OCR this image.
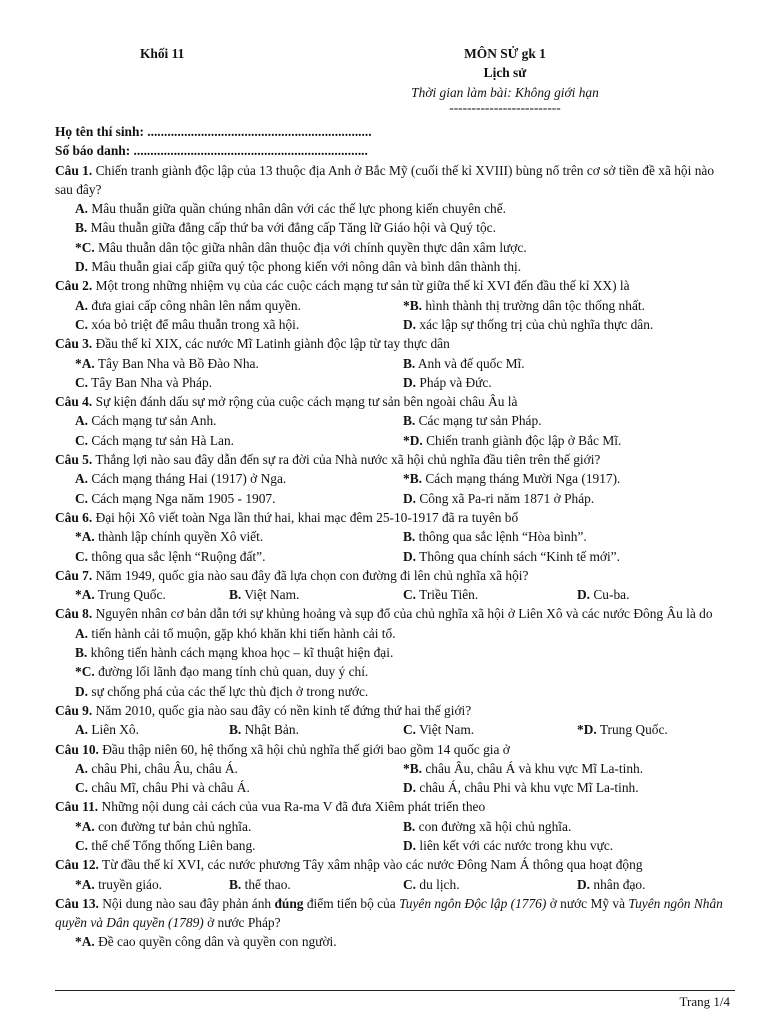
Khối 11	MÔN SỬ gk 1
Lịch sử
Thời gian làm bài: Không giới hạn
-------------------------
Họ tên thí sinh: ...................................................................
Số báo danh: ......................................................................
Câu 1. Chiến tranh giành độc lập của 13 thuộc địa Anh ở Bắc Mỹ (cuối thế kỉ XVIII) bùng nổ trên cơ sở tiền đề xã hội nào sau đây?
A. Mâu thuẫn giữa quần chúng nhân dân với các thế lực phong kiến chuyên chế.
B. Mâu thuẫn giữa đẳng cấp thứ ba với đẳng cấp Tăng lữ Giáo hội và Quý tộc.
*C. Mâu thuẫn dân tộc giữa nhân dân thuộc địa với chính quyền thực dân xâm lược.
D. Mâu thuẫn giai cấp giữa quý tộc phong kiến với nông dân và bình dân thành thị.
Câu 2. Một trong những nhiệm vụ của các cuộc cách mạng tư sản từ giữa thế kỉ XVI đến đầu thế kỉ XX) là
A. đưa giai cấp công nhân lên nắm quyền.	*B. hình thành thị trường dân tộc thống nhất.
C. xóa bỏ triệt để mâu thuẫn trong xã hội.	D. xác lập sự thống trị của chủ nghĩa thực dân.
Câu 3. Đầu thế kỉ XIX, các nước Mĩ Latinh giành độc lập từ tay thực dân
*A. Tây Ban Nha và Bồ Đào Nha.	B. Anh và đế quốc Mĩ.
C. Tây Ban Nha và Pháp.	D. Pháp và Đức.
Câu 4. Sự kiện đánh dấu sự mở rộng của cuộc cách mạng tư sản bên ngoài châu Âu là
A. Cách mạng tư sản Anh.	B. Các mạng tư sản Pháp.
C. Cách mạng tư sản Hà Lan.	*D. Chiến tranh giành độc lập ở Bắc Mĩ.
Câu 5. Thắng lợi nào sau đây dẫn đến sự ra đời của Nhà nước xã hội chủ nghĩa đầu tiên trên thế giới?
A. Cách mạng tháng Hai (1917) ở Nga.	*B. Cách mạng tháng Mười Nga (1917).
C. Cách mạng Nga năm 1905 - 1907.	D. Công xã Pa-ri năm 1871 ở Pháp.
Câu 6. Đại hội Xô viết toàn Nga lần thứ hai, khai mạc đêm 25-10-1917 đã ra tuyên bố
*A. thành lập chính quyền Xô viết.	B. thông qua sắc lệnh “Hòa bình”.
C. thông qua sắc lệnh “Ruộng đất”.	D. Thông qua chính sách “Kinh tế mới”.
Câu 7. Năm 1949, quốc gia nào sau đây đã lựa chọn con đường đi lên chủ nghĩa xã hội?
*A. Trung Quốc.	B. Việt Nam.	C. Triều Tiên.	D. Cu-ba.
Câu 8. Nguyên nhân cơ bản dẫn tới sự khủng hoảng và sụp đổ của chủ nghĩa xã hội ở Liên Xô và các nước Đông Âu là do
A. tiến hành cải tổ muộn, gặp khó khăn khi tiến hành cải tổ.
B. không tiến hành cách mạng khoa học – kĩ thuật hiện đại.
*C. đường lối lãnh đạo mang tính chủ quan, duy ý chí.
D. sự chống phá của các thế lực thù địch ở trong nước.
Câu 9. Năm 2010, quốc gia nào sau đây có nền kinh tế đứng thứ hai thế giới?
A. Liên Xô.	B. Nhật Bản.	C. Việt Nam.	*D. Trung Quốc.
Câu 10. Đầu thập niên 60, hệ thống xã hội chủ nghĩa thế giới bao gồm 14 quốc gia ở
A. châu Phi, châu Âu, châu Á.	*B. châu Âu, châu Á và khu vực Mĩ La-tinh.
C. châu Mĩ, châu Phi và châu Á.	D. châu Á, châu Phi và khu vực Mĩ La-tinh.
Câu 11. Những nội dung cải cách của vua Ra-ma V đã đưa Xiêm phát triển theo
*A. con đường tư bản chủ nghĩa.	B. con đường xã hội chủ nghĩa.
C. thể chế Tổng thống Liên bang.	D. liên kết với các nước trong khu vực.
Câu 12. Từ đầu thế kỉ XVI, các nước phương Tây xâm nhập vào các nước Đông Nam Á thông qua hoạt động
*A. truyền giáo.	B. thể thao.	C. du lịch.	D. nhân đạo.
Câu 13. Nội dung nào sau đây phản ánh đúng điểm tiến bộ của Tuyên ngôn Độc lập (1776) ở nước Mỹ và Tuyên ngôn Nhân quyền và Dân quyền (1789) ở nước Pháp?
*A. Đề cao quyền công dân và quyền con người.
Trang 1/4
